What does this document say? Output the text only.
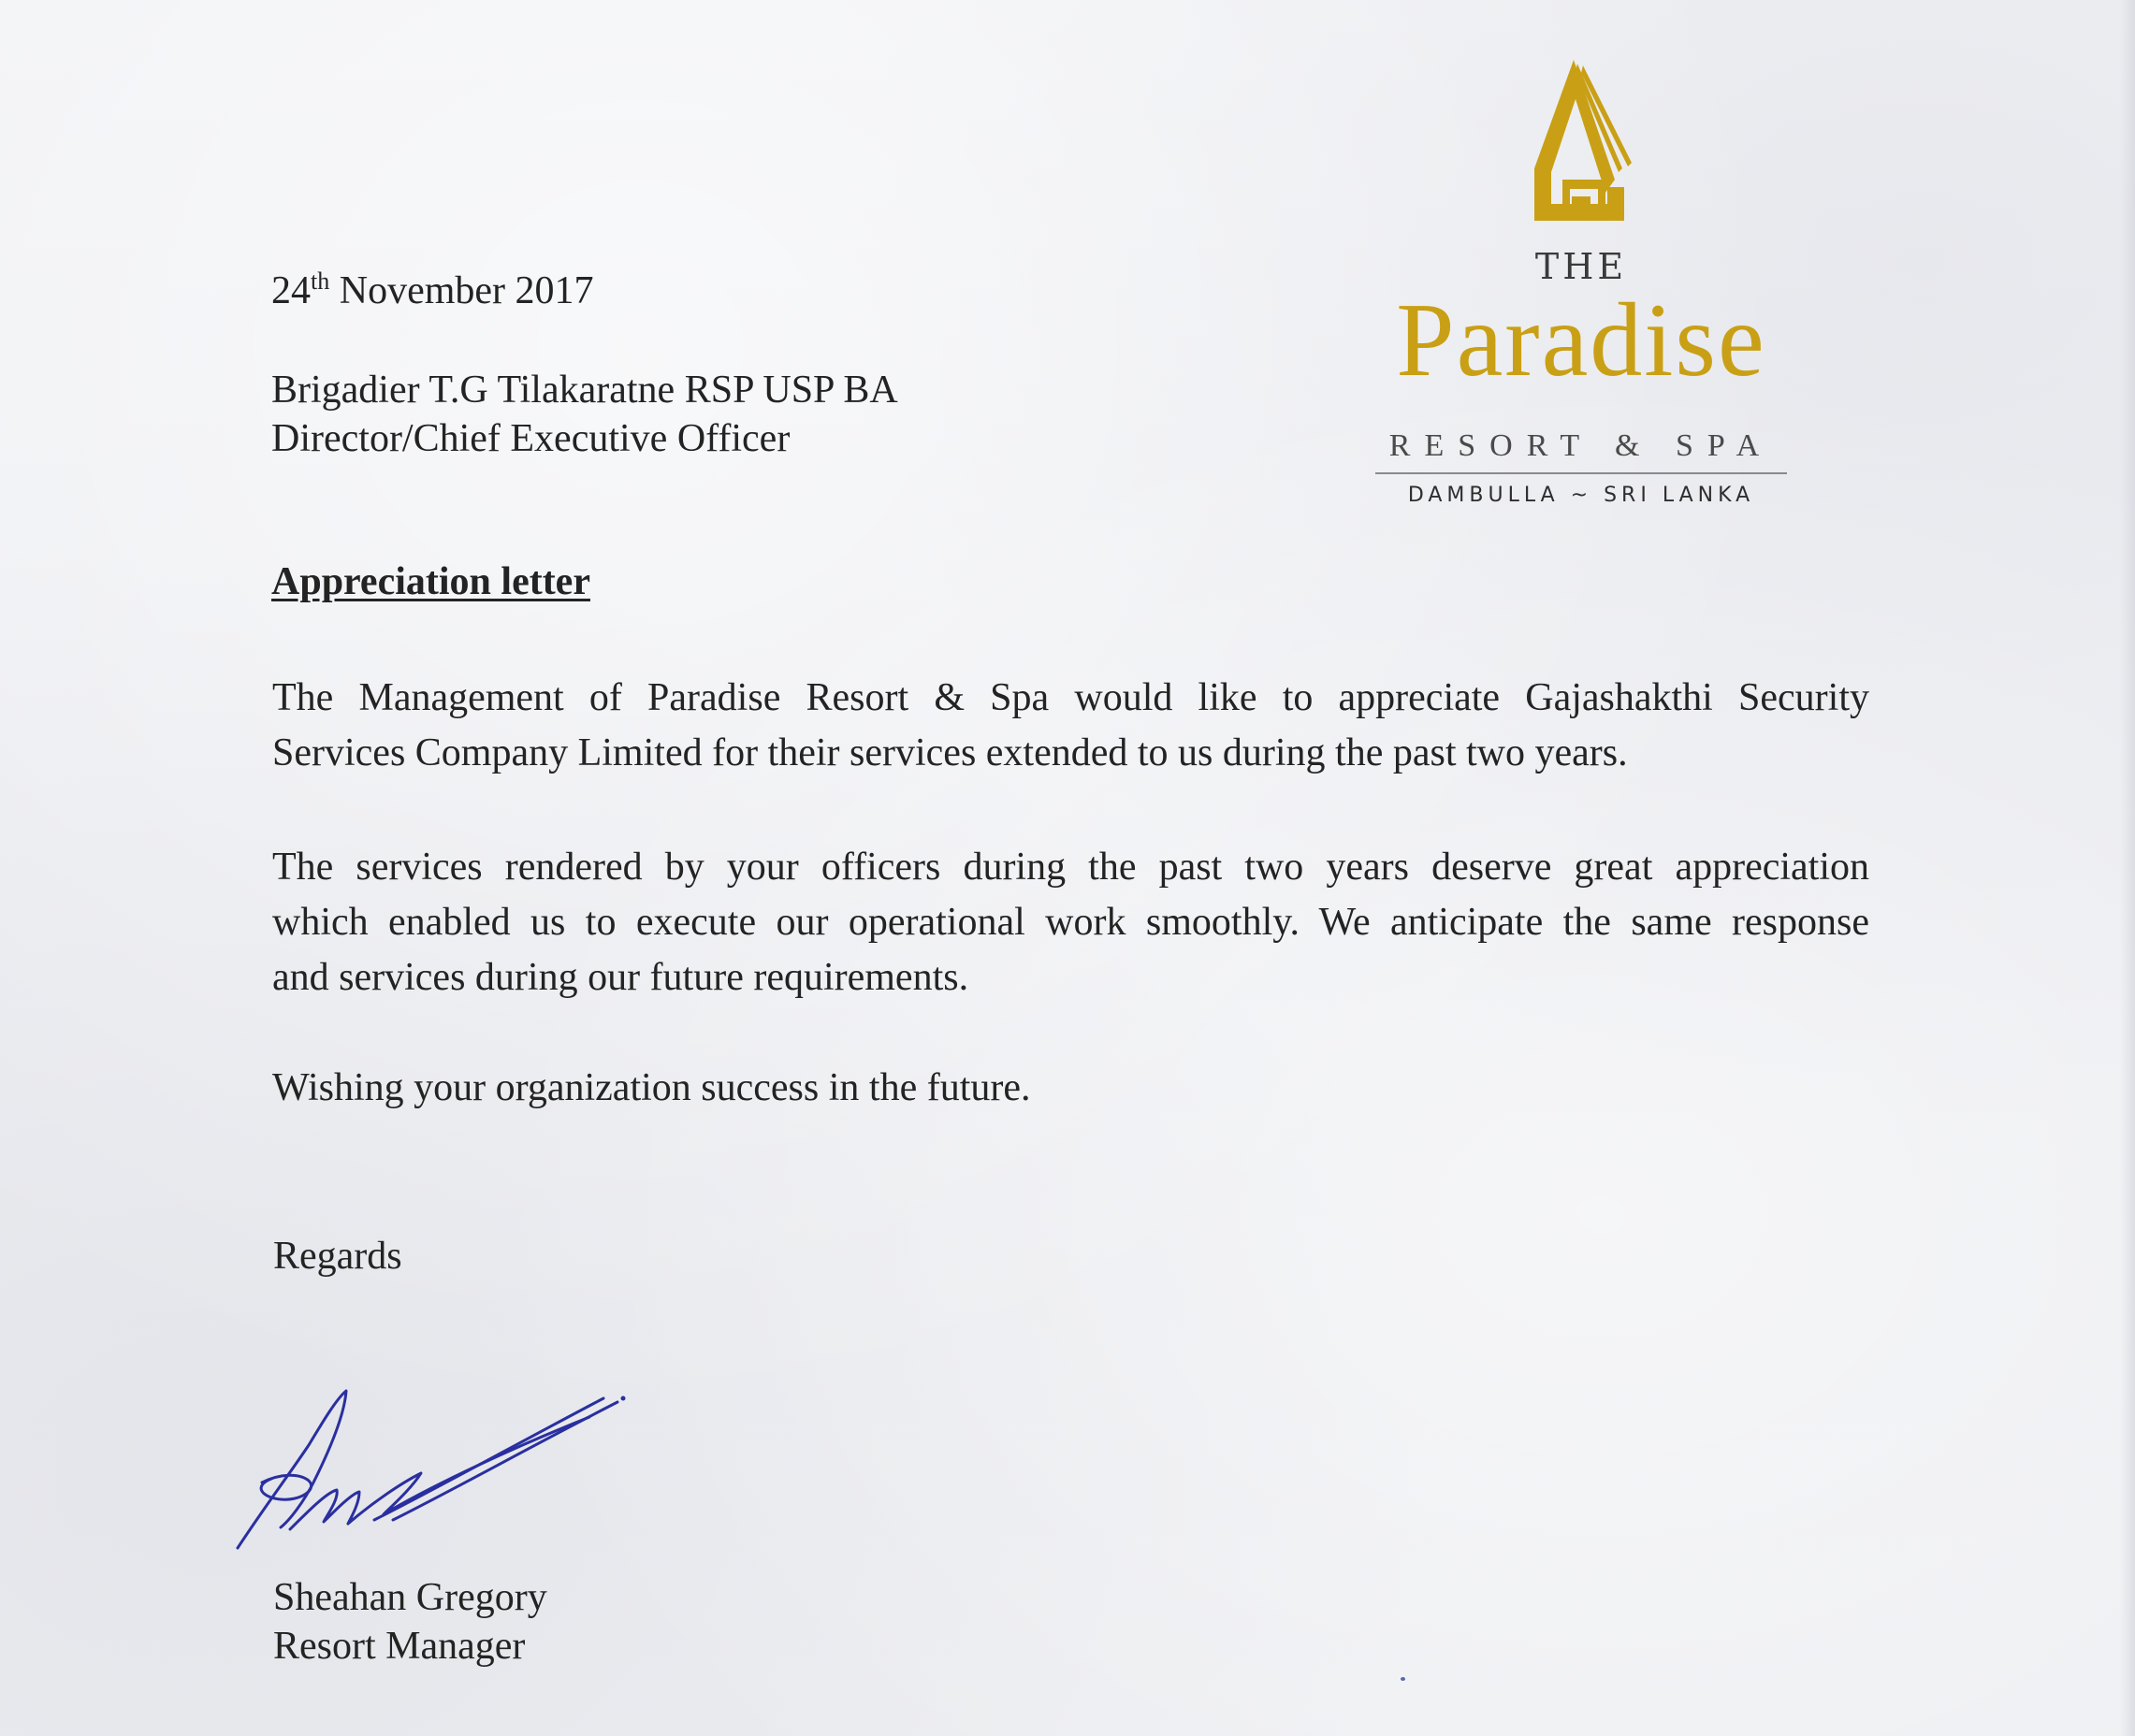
THE
Paradise
RESORT & SPA
DAMBULLA ~ SRI LANKA
24th November 2017
Brigadier T.G Tilakaratne RSP USP BA
Director/Chief Executive Officer
Appreciation letter
The Management of Paradise Resort & Spa would like to appreciate Gajashakthi Security
Services Company Limited for their services extended to us during the past two years.
The services rendered by your officers during the past two years deserve great appreciation
which enabled us to execute our operational work smoothly. We anticipate the same response
and services during our future requirements.
Wishing your organization success in the future.
Regards
Sheahan Gregory
Resort Manager
